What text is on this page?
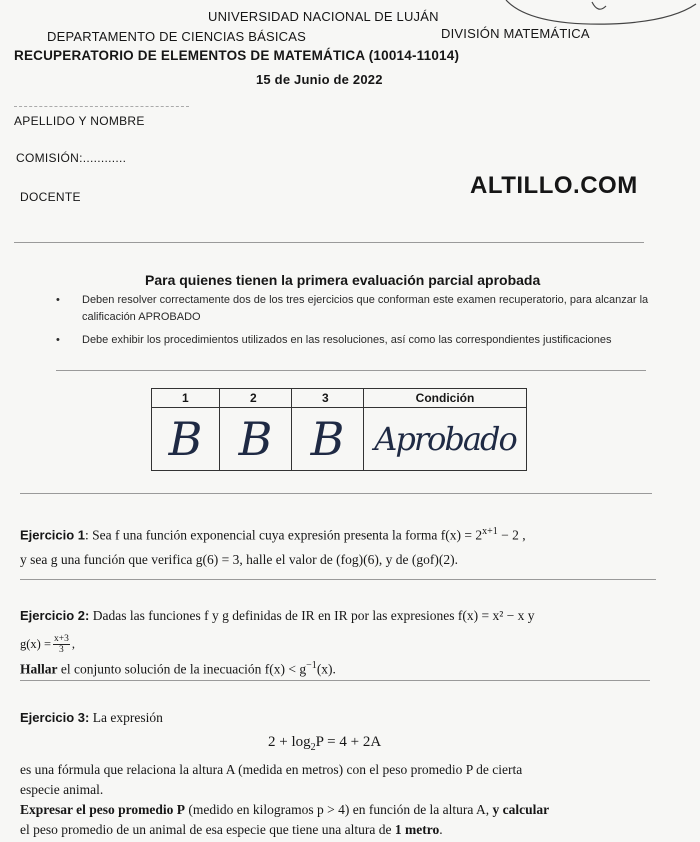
UNIVERSIDAD NACIONAL DE LUJÁN
DEPARTAMENTO DE CIENCIAS BÁSICAS	DIVISIÓN MATEMÁTICA
RECUPERATORIO DE ELEMENTOS DE MATEMÁTICA (10014-11014)
15 de Junio de 2022
APELLIDO Y NOMBRE
COMISIÓN:............
DOCENTE	ALTILLO.COM
Para quienes tienen la primera evaluación parcial aprobada
• Deben resolver correctamente dos de los tres ejercicios que conforman este examen recuperatorio, para alcanzar la calificación APROBADO
• Debe exhibir los procedimientos utilizados en las resoluciones, así como las correspondientes justificaciones
1	2	3	Condición
B	B	B	Aprobado
Ejercicio 1: Sea f una función exponencial cuya expresión presenta la forma $f(x) = 2^{x+1} - 2$ ,
y sea g una función que verifica g(6) = 3, halle el valor de (fog)(6), y de (gof)(2).
Ejercicio 2: Dadas las funciones f y g definidas de IR en IR por las expresiones f(x) = x² − x y
$g(x) = \frac{x+3}{3}$ ,
Hallar el conjunto solución de la inecuación $f(x) < g^{-1}(x)$.
Ejercicio 3: La expresión
$2 + \log_2P = 4 + 2A$
es una fórmula que relaciona la altura A (medida en metros) con el peso promedio P de cierta
especie animal.
Expresar el peso promedio P (medido en kilogramos p > 4) en función de la altura A, y calcular
el peso promedio de un animal de esa especie que tiene una altura de 1 metro.
